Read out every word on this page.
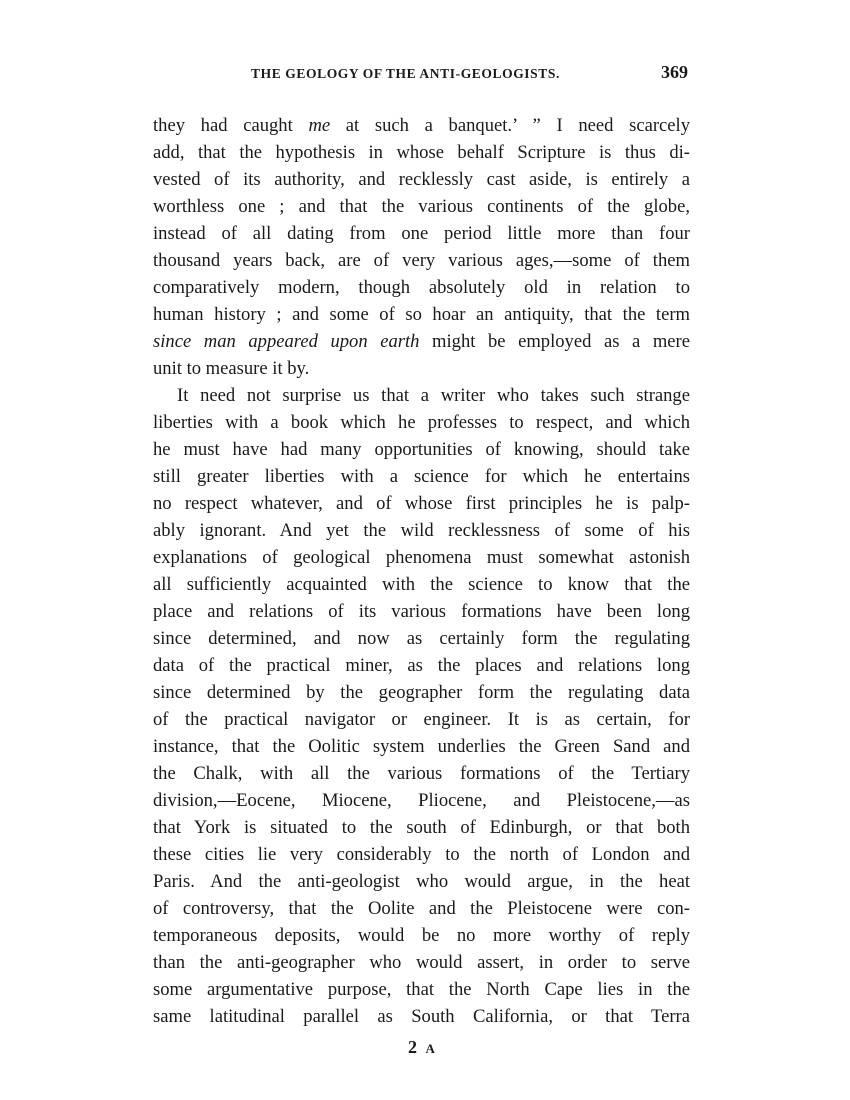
THE GEOLOGY OF THE ANTI-GEOLOGISTS.	369
they had caught me at such a banquet.’ ” I need scarcely
add, that the hypothesis in whose behalf Scripture is thus di-
vested of its authority, and recklessly cast aside, is entirely a
worthless one ; and that the various continents of the globe,
instead of all dating from one period little more than four
thousand years back, are of very various ages,—some of them
comparatively modern, though absolutely old in relation to
human history ; and some of so hoar an antiquity, that the term
since man appeared upon earth might be employed as a mere
unit to measure it by.
It need not surprise us that a writer who takes such strange
liberties with a book which he professes to respect, and which
he must have had many opportunities of knowing, should take
still greater liberties with a science for which he entertains
no respect whatever, and of whose first principles he is palp-
ably ignorant. And yet the wild recklessness of some of his
explanations of geological phenomena must somewhat astonish
all sufficiently acquainted with the science to know that the
place and relations of its various formations have been long
since determined, and now as certainly form the regulating
data of the practical miner, as the places and relations long
since determined by the geographer form the regulating data
of the practical navigator or engineer. It is as certain, for
instance, that the Oolitic system underlies the Green Sand and
the Chalk, with all the various formations of the Tertiary
division,—Eocene, Miocene, Pliocene, and Pleistocene,—as
that York is situated to the south of Edinburgh, or that both
these cities lie very considerably to the north of London and
Paris. And the anti-geologist who would argue, in the heat
of controversy, that the Oolite and the Pleistocene were con-
temporaneous deposits, would be no more worthy of reply
than the anti-geographer who would assert, in order to serve
some argumentative purpose, that the North Cape lies in the
same latitudinal parallel as South California, or that Terra
2 A
